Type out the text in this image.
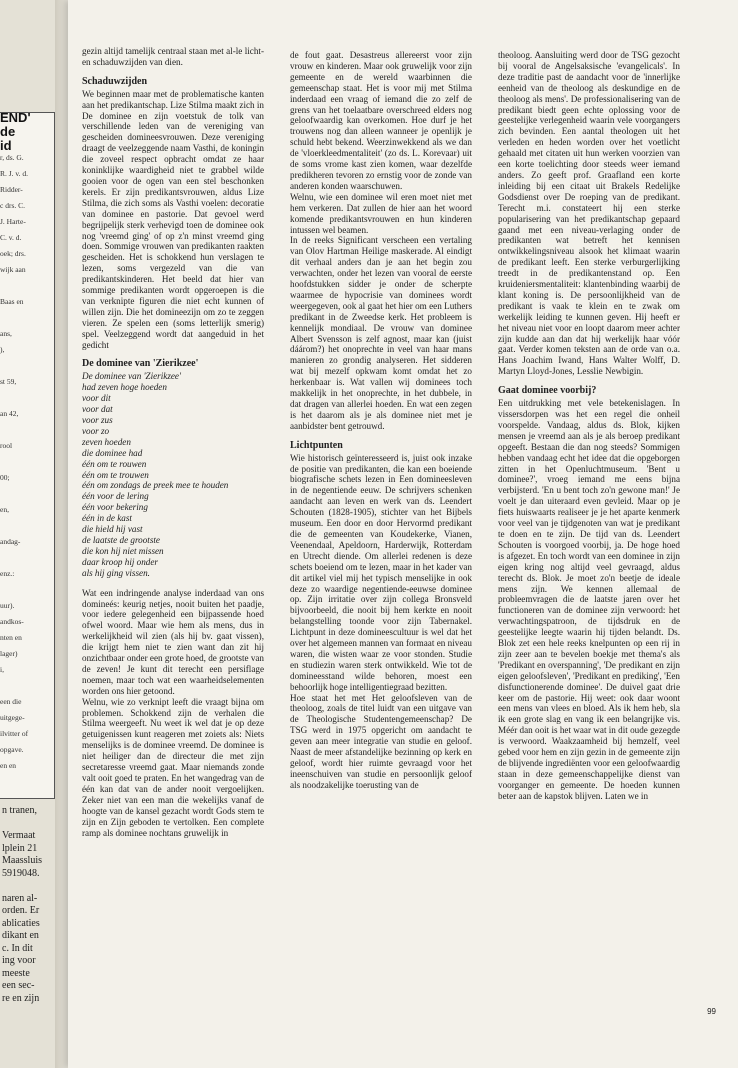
END'
de
id
r, ds. G.
R. J. v. d.
Ridder-
c drs. C.
J. Harte-
C. v. d.
oek; drs.
wijk aan
Baas en
ans,
),
st 59,
an 42,
rool
00;
en,
andag-
enz.:
uur).
andkos-
nten en
lager)
i,
een die
uitgege-
ilvitter of
opgave.
en en
n tranen,
Vermaat
lplein 21
Maassluis
5919048.
naren al-
orden. Er
ablicaties
dikant en
c. In dit
ing voor
meeste
een sec-
re en zijn

gezin altijd tamelijk centraal staan met al-le licht- en schaduwzijden van dien.

Schaduwzijden

We beginnen maar met de problematische kanten aan het predikantschap. Lize Stilma maakt zich in De dominee en zijn voetstuk de tolk van verschillende leden van de vereniging van gescheiden domineesvrouwen. Deze vereniging draagt de veelzeggende naam Vasthi, de koningin die zoveel respect opbracht omdat ze haar koninklijke waardigheid niet te grabbel wilde gooien voor de ogen van een stel beschonken kerels. Er zijn predikantsvrouwen, aldus Lize Stilma, die zich soms als Vasthi voelen: decoratie van dominee en pastorie. Dat gevoel werd begrijpelijk sterk verhevigd toen de dominee ook nog 'vreemd ging' of op z'n minst vreemd ging doen. Sommige vrouwen van predikanten raakten gescheiden. Het is schokkend hun verslagen te lezen, soms vergezeld van die van predikantskinderen. Het beeld dat hier van sommige predikanten wordt opgeroepen is die van verknipte figuren die niet echt kunnen of willen zijn. Die het domineezijn om zo te zeggen vieren. Ze spelen een (soms letterlijk smerig) spel. Veelzeggend wordt dat aangeduid in het gedicht

De dominee van 'Zierikzee'
De dominee van 'Zierikzee'
had zeven hoge hoeden
voor dit
voor dat
voor zus
voor zo
zeven hoeden
die dominee had
één om te rouwen
één om te trouwen
één om zondags de preek mee te houden
één voor de lering
één voor bekering
één in de kast
die hield hij vast
de laatste de grootste
die kon hij niet missen
daar kroop hij onder
als hij ging vissen.

Wat een indringende analyse inderdaad van ons domineés: keurig netjes, nooit buiten het paadje, voor iedere gelegenheid een bijpassende hoed ofwel woord. Maar wie hem als mens, dus in werkelijkheid wil zien (als hij bv. gaat vissen), die krijgt hem niet te zien want dan zit hij onzichtbaar onder een grote hoed, de grootste van de zeven! Je kunt dit terecht een persiflage noemen, maar toch wat een waarheidselementen worden ons hier getoond.

Welnu, wie zo verknipt leeft die vraagt bijna om problemen. Schokkend zijn de verhalen die Stilma weergeeft. Nu weet ik wel dat je op deze getuigenissen kunt reageren met zoiets als: Niets menselijks is de dominee vreemd. De dominee is niet heiliger dan de directeur die met zijn secretaresse vreemd gaat. Maar niemands zonde valt ooit goed te praten. En het wangedrag van de één kan dat van de ander nooit vergoelijken. Zeker niet van een man die wekelijks vanaf de hoogte van de kansel gezacht wordt Gods stem te zijn en Zijn geboden te vertolken. Een complete ramp als dominee nochtans gruwelijk in

de fout gaat. Desastreus allereerst voor zijn vrouw en kinderen. Maar ook gruwelijk voor zijn gemeente en de wereld waarbinnen die gemeenschap staat. Het is voor mij met Stilma inderdaad een vraag of iemand die zo zelf de grens van het toelaatbare overschreed elders nog geloofwaardig kan overkomen. Hoe durf je het trouwens nog dan alleen wanneer je openlijk je schuld hebt bekend. Weerzinwekkend als we dan de 'vloerkleedmentaliteit' (zo ds. L. Korevaar) uit de soms vrome kast zien komen, waar dezelfde predikheren tevoren zo ernstig voor de zonde van anderen konden waarschuwen.

Welnu, wie een dominee wil eren moet niet met hem verkeren. Dat zullen de hier aan het woord komende predikantsvrouwen en hun kinderen intussen wel beamen.

In de reeks Significant verscheen een vertaling van Olov Hartman Heilige maskerade. Al eindigt dit verhaal anders dan je aan het begin zou verwachten, onder het lezen van vooral de eerste hoofdstukken sidder je onder de scherpte waarmee de hypocrisie van dominees wordt weergegeven, ook al gaat het hier om een Luthers predikant in de Zweedse kerk. Het probleem is kennelijk mondiaal. De vrouw van dominee Albert Svensson is zelf agnost, maar kan (juist dáárom?) het onoprechte in veel van haar mans manieren zo grondig analyseren. Het sidderen wat bij mezelf opkwam komt omdat het zo herkenbaar is. Wat vallen wij dominees toch makkelijk in het onoprechte, in het dubbele, in dat dragen van allerlei hoeden. En wat een zegen is het daarom als je als dominee niet met je aanbidster bent getrouwd.

Lichtpunten

Wie historisch geïnteresseerd is, juist ook inzake de positie van predikanten, die kan een boeiende biografische schets lezen in Een domineesleven in de negentiende eeuw. De schrijvers schenken aandacht aan leven en werk van ds. Leendert Schouten (1828-1905), stichter van het Bijbels museum. Een door en door Hervormd predikant die de gemeenten van Koudekerke, Vianen, Veenendaal, Apeldoorn, Harderwijk, Rotterdam en Utrecht diende. Om allerlei redenen is deze schets boeiend om te lezen, maar in het kader van dit artikel viel mij het typisch menselijke in ook deze zo waardige negentiende-eeuwse dominee op. Zijn irritatie over zijn collega Bronsveld bijvoorbeeld, die nooit bij hem kerkte en nooit belangstelling toonde voor zijn Tabernakel. Lichtpunt in deze domineescultuur is wel dat het over het algemeen mannen van formaat en niveau waren, die wisten waar ze voor stonden. Studie en studiezin waren sterk ontwikkeld. Wie tot de domineesstand wilde behoren, moest een behoorlijk hoge intelligentiegraad bezitten.

Hoe staat het met Het geloofsleven van de theoloog, zoals de titel luidt van een uitgave van de Theologische Studentengemeenschap? De TSG werd in 1975 opgericht om aandacht te geven aan meer integratie van studie en geloof. Naast de meer afstandelijke bezinning op kerk en geloof, wordt hier ruimte gevraagd voor het ineenschuiven van studie en persoonlijk geloof als noodzakelijke toerusting van de

theoloog. Aansluiting werd door de TSG gezocht bij vooral de Angelsaksische 'evangelicals'. In deze traditie past de aandacht voor de 'innerlijke eenheid van de theoloog als deskundige en de theoloog als mens'. De professionalisering van de predikant biedt geen echte oplossing voor de geestelijke verlegenheid waarin vele voorgangers zich bevinden. Een aantal theologen uit het verleden en heden worden over het voetlicht gehaald met citaten uit hun werken voorzien van een korte toelichting door steeds weer iemand anders. Zo geeft prof. Graafland een korte inleiding bij een citaat uit Brakels Redelijke Godsdienst over De roeping van de predikant. Terecht m.i. constateert hij een sterke popularisering van het predikantschap gepaard gaand met een niveau-verlaging onder de predikanten wat betreft het kennisen ontwikkelingsniveau alsook het klimaat waarin de predikant leeft. Een sterke verburgerlijking treedt in de predikantenstand op. Een kruideniersmentaliteit: klantenbinding waarbij de klant koning is. De persoonlijkheid van de predikant is vaak te klein en te zwak om werkelijk leiding te kunnen geven. Hij heeft er het niveau niet voor en loopt daarom meer achter zijn kudde aan dan dat hij werkelijk haar vóór gaat. Verder komen teksten aan de orde van o.a. Hans Joachim Iwand, Hans Walter Wolff, D. Martyn Lloyd-Jones, Lesslie Newbigin.

Gaat dominee voorbij?

Een uitdrukking met vele betekenislagen. In vissersdorpen was het een regel die onheil voorspelde. Vandaag, aldus ds. Blok, kijken mensen je vreemd aan als je als beroep predikant opgeeft. Bestaan die dan nog steeds? Sommigen hebben vandaag echt het idee dat die opgeborgen zitten in het Openluchtmuseum. 'Bent u dominee?', vroeg iemand me eens bijna verbijsterd. 'En u bent toch zo'n gewone man!' Je voelt je dan uiteraard even gevleid. Maar op je fiets huiswaarts realiseer je je het aparte kenmerk voor veel van je tijdgenoten van wat je predikant te doen en te zijn. De tijd van ds. Leendert Schouten is voorgoed voorbij, ja. De hoge hoed is afgezet. En toch wordt van een dominee in zijn eigen kring nog altijd veel gevraagd, aldus terecht ds. Blok. Je moet zo'n beetje de ideale mens zijn. We kennen allemaal de probleemvragen die de laatste jaren over het functioneren van de dominee zijn verwoord: het verwachtingspatroon, de tijdsdruk en de geestelijke leegte waarin hij tijden belandt. Ds. Blok zet een hele reeks knelpunten op een rij in zijn zeer aan te bevelen boekje met thema's als 'Predikant en overspanning', 'De predikant en zijn eigen geloofsleven', 'Predikant en prediking', 'Een disfunctionerende dominee'. De duivel gaat drie keer om de pastorie. Hij weet: ook daar woont een mens van vlees en bloed. Als ik hem heb, sla ik een grote slag en vang ik een belangrijke vis. Méér dan ooit is het waar wat in dit oude gezegde is verwoord. Waakzaamheid bij hemzelf, veel gebed voor hem en zijn gezin in de gemeente zijn de blijvende ingrediënten voor een geloofwaardig staan in deze gemeenschappelijke dienst van voorganger en gemeente. De hoeden kunnen beter aan de kapstok blijven. Laten we in

99
